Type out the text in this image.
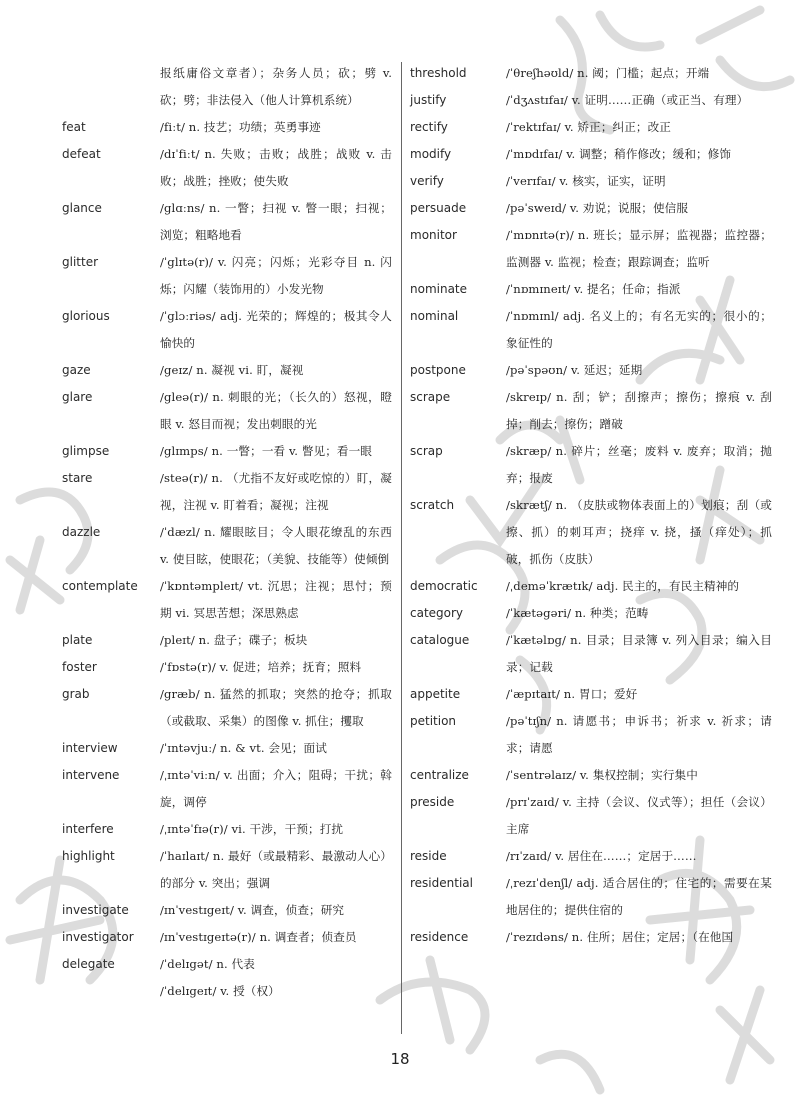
报纸庸俗文章者）；杂务人员；砍；劈 v. 砍；劈；非法侵入（他人计算机系统）
feat	/fiːt/ n. 技艺；功绩；英勇事迹
defeat	/dɪˈfiːt/ n. 失败；击败；战胜；战败 v. 击败；战胜；挫败；使失败
glance	/glɑːns/ n. 一瞥；扫视 v. 瞥一眼；扫视；浏览；粗略地看
glitter	/ˈglɪtə(r)/ v. 闪亮；闪烁；光彩夺目 n. 闪烁；闪耀（装饰用的）小发光物
glorious	/ˈglɔːriəs/ adj. 光荣的；辉煌的；极其令人愉快的
gaze	/geɪz/ n. 凝视 vi. 盯，凝视
glare	/gleə(r)/ n. 刺眼的光；（长久的）怒视，瞪眼 v. 怒目而视；发出刺眼的光
glimpse	/glɪmps/ n. 一瞥；一看 v. 瞥见；看一眼
stare	/steə(r)/ n. （尤指不友好或吃惊的）盯，凝视，注视 v. 盯着看；凝视；注视
dazzle	/ˈdæzl/ n. 耀眼眩目；令人眼花缭乱的东西 v. 使目眩，使眼花；（美貌、技能等）使倾倒
contemplate /ˈkɒntəmpleɪt/ vt. 沉思；注视；思忖；预期 vi. 冥思苦想；深思熟虑
plate	/pleɪt/ n. 盘子；碟子；板块
foster	/ˈfɒstə(r)/ v. 促进；培养；抚育；照料
grab	/græb/ n. 猛然的抓取；突然的抢夺；抓取（或截取、采集）的图像 v. 抓住；攫取
interview	/ˈɪntəvjuː/ n. & vt. 会见；面试
intervene	/ˌɪntəˈviːn/ v. 出面；介入；阻碍；干扰；斡旋，调停
interfere	/ˌɪntəˈfɪə(r)/ vi. 干涉，干预；打扰
highlight	/ˈhaɪlaɪt/ n. 最好（或最精彩、最激动人心）的部分 v. 突出；强调
investigate	/ɪnˈvestɪgeɪt/ v. 调查，侦查；研究
investigator /ɪnˈvestɪgeɪtə(r)/ n. 调查者；侦查员
delegate	/ˈdelɪgət/ n. 代表
/ˈdelɪgeɪt/ v. 授（权）
threshold	/ˈθreʃhəʊld/ n. 阈；门槛；起点；开端
justify	/ˈdʒʌstɪfaɪ/ v. 证明……正确（或正当、有理）
rectify	/ˈrektɪfaɪ/ v. 矫正；纠正；改正
modify	/ˈmɒdɪfaɪ/ v. 调整；稍作修改；缓和；修饰
verify	/ˈverɪfaɪ/ v. 核实，证实，证明
persuade	/pəˈsweɪd/ v. 劝说；说服；使信服
monitor	/ˈmɒnɪtə(r)/ n. 班长；显示屏；监视器；监控器；监测器 v. 监视；检查；跟踪调查；监听
nominate	/ˈnɒmɪneɪt/ v. 提名；任命；指派
nominal	/ˈnɒmɪnl/ adj. 名义上的；有名无实的；很小的；象征性的
postpone	/pəˈspəʊn/ v. 延迟；延期
scrape	/skreɪp/ n. 刮；铲；刮擦声；擦伤；擦痕 v. 刮掉；削去；擦伤；蹭破
scrap	/skræp/ n. 碎片；丝毫；废料 v. 废弃；取消；抛弃；报废
scratch	/skrætʃ/ n. （皮肤或物体表面上的）划痕；刮（或擦、抓）的刺耳声；挠痒 v. 挠，搔（痒处）；抓破，抓伤（皮肤）
democratic /ˌdeməˈkrætɪk/ adj. 民主的，有民主精神的
category	/ˈkætəgəri/ n. 种类；范畴
catalogue	/ˈkætəlɒg/ n. 目录；目录簿 v. 列入目录；编入目录；记载
appetite	/ˈæpɪtaɪt/ n. 胃口；爱好
petition	/pəˈtɪʃn/ n. 请愿书；申诉书；祈求 v. 祈求；请求；请愿
centralize	/ˈsentrəlaɪz/ v. 集权控制；实行集中
preside	/prɪˈzaɪd/ v. 主持（会议、仪式等）；担任（会议）主席
reside	/rɪˈzaɪd/ v. 居住在……；定居于……
residential	/ˌrezɪˈdenʃl/ adj. 适合居住的；住宅的；需要在某地居住的；提供住宿的
residence	/ˈrezɪdəns/ n. 住所；居住；定居；（在他国
18
